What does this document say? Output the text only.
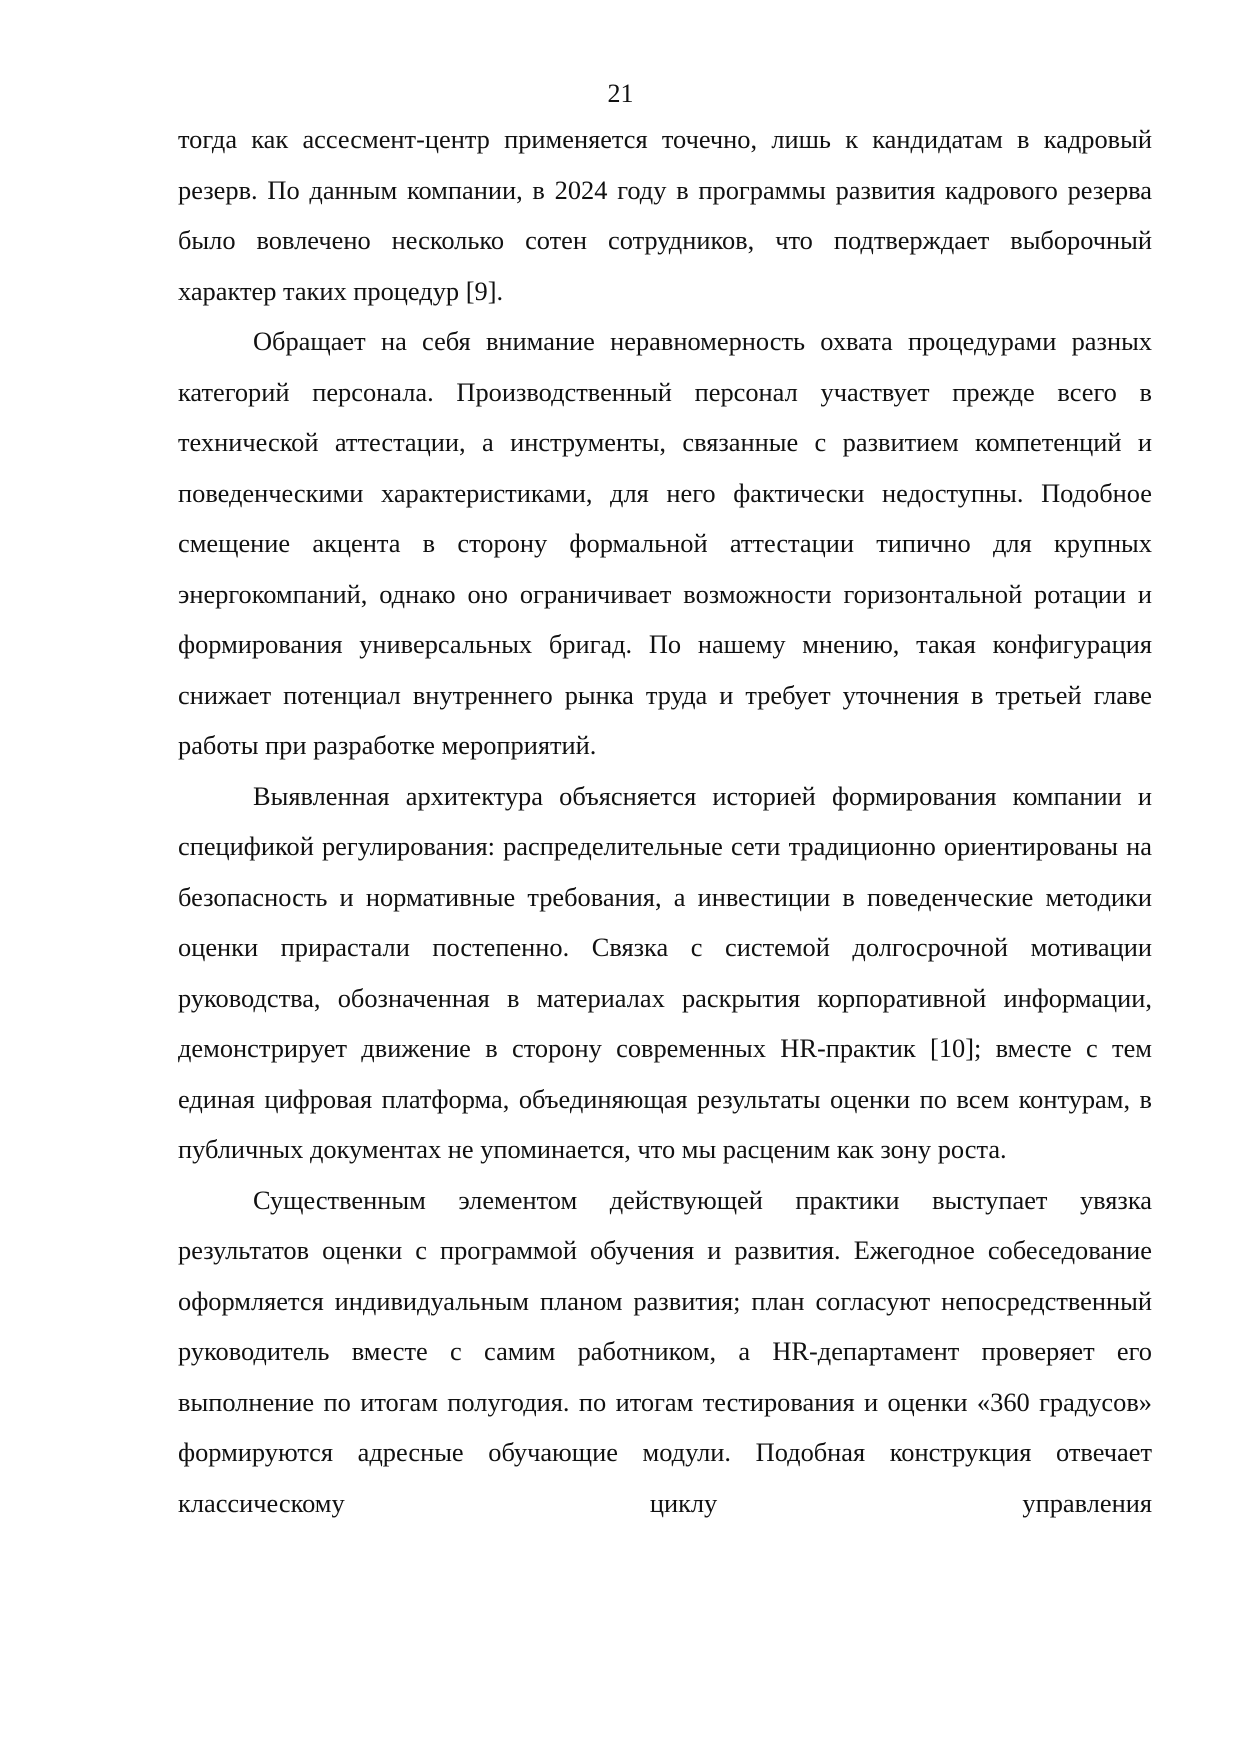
21

тогда как ассесмент-центр применяется точечно, лишь к кандидатам в кадровый резерв. По данным компании, в 2024 году в программы развития кадрового резерва было вовлечено несколько сотен сотрудников, что подтверждает выборочный характер таких процедур [9].

Обращает на себя внимание неравномерность охвата процедурами разных категорий персонала. Производственный персонал участвует прежде всего в технической аттестации, а инструменты, связанные с развитием компетенций и поведенческими характеристиками, для него фактически недоступны. Подобное смещение акцента в сторону формальной аттестации типично для крупных энергокомпаний, однако оно ограничивает возможности горизонтальной ротации и формирования универсальных бригад. По нашему мнению, такая конфигурация снижает потенциал внутреннего рынка труда и требует уточнения в третьей главе работы при разработке мероприятий.

Выявленная архитектура объясняется историей формирования компании и спецификой регулирования: распределительные сети традиционно ориентированы на безопасность и нормативные требования, а инвестиции в поведенческие методики оценки прирастали постепенно. Связка с системой долгосрочной мотивации руководства, обозначенная в материалах раскрытия корпоративной информации, демонстрирует движение в сторону современных HR-практик [10]; вместе с тем единая цифровая платформа, объединяющая результаты оценки по всем контурам, в публичных документах не упоминается, что мы расценим как зону роста.

Существенным элементом действующей практики выступает увязка результатов оценки с программой обучения и развития. Ежегодное собеседование оформляется индивидуальным планом развития; план согласуют непосредственный руководитель вместе с самим работником, а HR-департамент проверяет его выполнение по итогам полугодия. по итогам тестирования и оценки «360 градусов» формируются адресные обучающие модули. Подобная конструкция отвечает классическому циклу управления
